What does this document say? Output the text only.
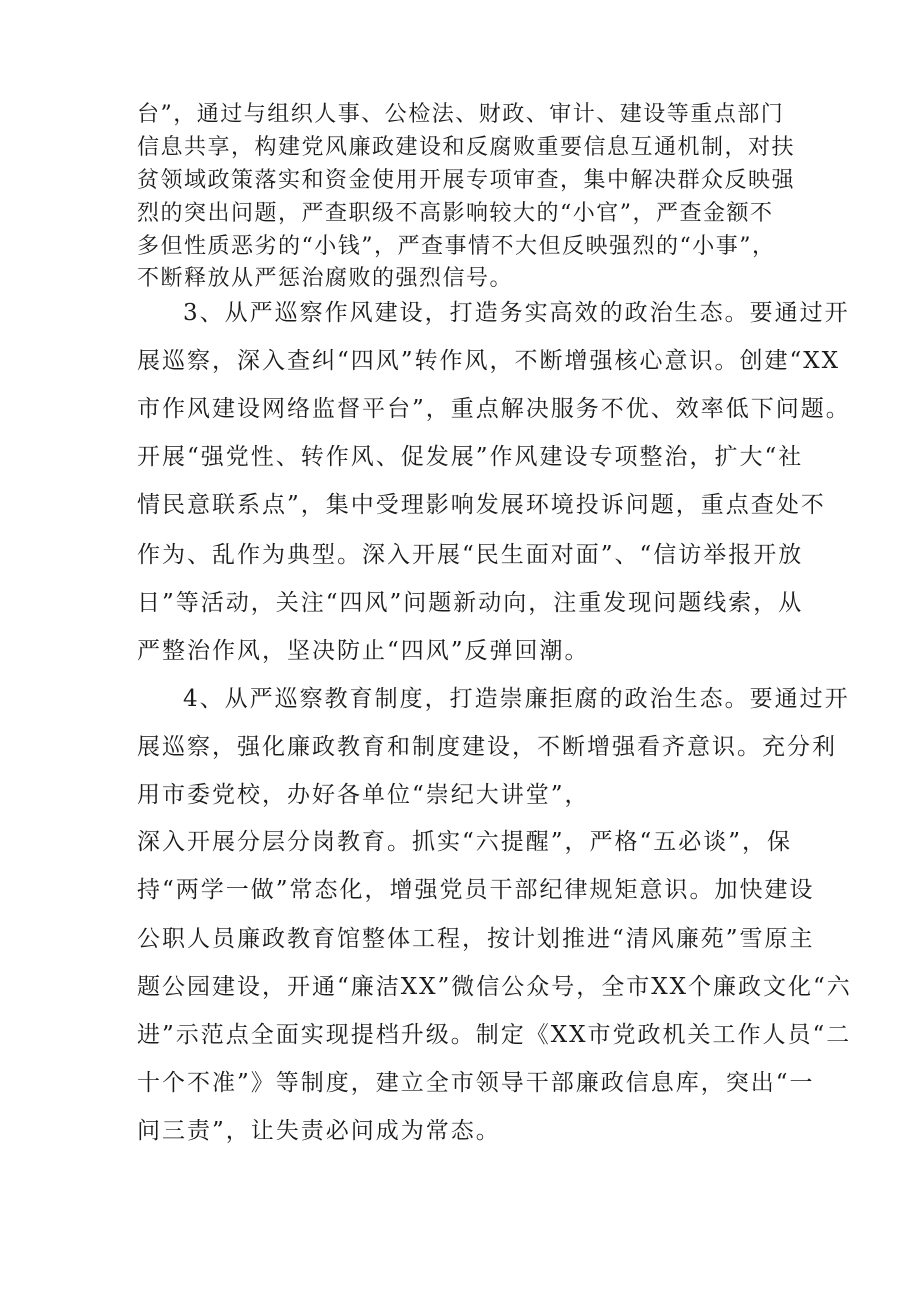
台”，通过与组织人事、公检法、财政、审计、建设等重点部门
信息共享，构建党风廉政建设和反腐败重要信息互通机制，对扶
贫领域政策落实和资金使用开展专项审查，集中解决群众反映强
烈的突出问题，严查职级不高影响较大的“小官”，严查金额不
多但性质恶劣的“小钱”，严查事情不大但反映强烈的“小事”，
不断释放从严惩治腐败的强烈信号。
3、从严巡察作风建设，打造务实高效的政治生态。要通过开
展巡察，深入查纠“四风”转作风，不断增强核心意识。创建“XX
市作风建设网络监督平台”，重点解决服务不优、效率低下问题。
开展“强党性、转作风、促发展”作风建设专项整治，扩大“社
情民意联系点”，集中受理影响发展环境投诉问题，重点查处不
作为、乱作为典型。深入开展“民生面对面”、“信访举报开放
日”等活动，关注“四风”问题新动向，注重发现问题线索，从
严整治作风，坚决防止“四风”反弹回潮。
4、从严巡察教育制度，打造崇廉拒腐的政治生态。要通过开
展巡察，强化廉政教育和制度建设，不断增强看齐意识。充分利
用市委党校，办好各单位“崇纪大讲堂”，
深入开展分层分岗教育。抓实“六提醒”，严格“五必谈”，保
持“两学一做”常态化，增强党员干部纪律规矩意识。加快建设
公职人员廉政教育馆整体工程，按计划推进“清风廉苑”雪原主
题公园建设，开通“廉洁XX”微信公众号，全市XX个廉政文化“六
进”示范点全面实现提档升级。制定《XX市党政机关工作人员“二
十个不准”》等制度，建立全市领导干部廉政信息库，突出“一
问三责”，让失责必问成为常态。
